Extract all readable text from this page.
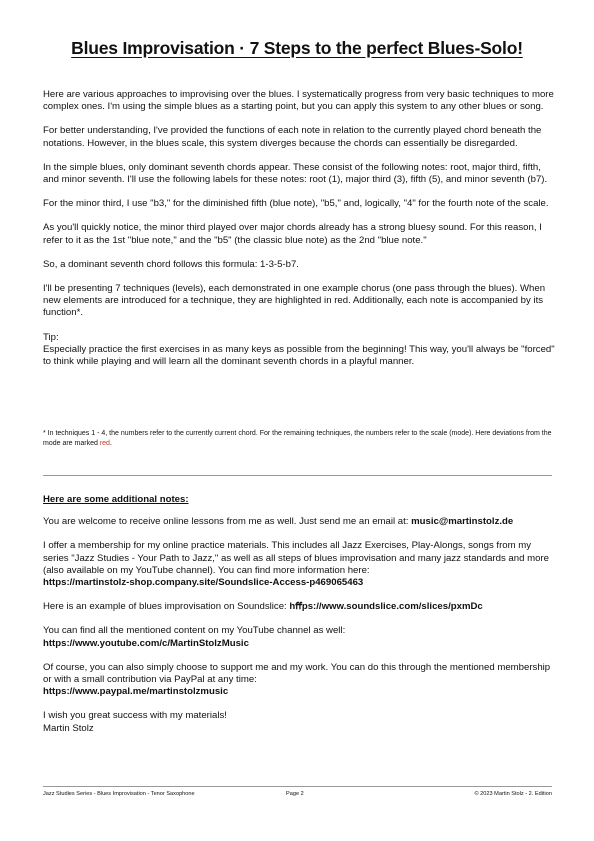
Blues Improvisation · 7 Steps to the perfect Blues-Solo!

Here are various approaches to improvising over the blues. I systematically progress from very basic techniques to more complex ones. I'm using the simple blues as a starting point, but you can apply this system to any other blues or song.

For better understanding, I've provided the functions of each note in relation to the currently played chord beneath the notations. However, in the blues scale, this system diverges because the chords can essentially be disregarded.

In the simple blues, only dominant seventh chords appear. These consist of the following notes: root, major third, fifth, and minor seventh. I'll use the following labels for these notes: root (1), major third (3), fifth (5), and minor seventh (b7).

For the minor third, I use "b3," for the diminished fifth (blue note), "b5," and, logically, "4" for the fourth note of the scale.

As you'll quickly notice, the minor third played over major chords already has a strong bluesy sound. For this reason, I refer to it as the 1st "blue note," and the "b5" (the classic blue note) as the 2nd "blue note."

So, a dominant seventh chord follows this formula: 1-3-5-b7.

I'll be presenting 7 techniques (levels), each demonstrated in one example chorus (one pass through the blues). When new elements are introduced for a technique, they are highlighted in red. Additionally, each note is accompanied by its function*.

Tip:

Especially practice the first exercises in as many keys as possible from the beginning! This way, you'll always be "forced" to think while playing and will learn all the dominant seventh chords in a playful manner.

* In techniques 1 - 4, the numbers refer to the currently current chord. For the remaining techniques, the numbers refer to the scale (mode). Here deviations from the mode are marked red.
Here are some additional notes:

You are welcome to receive online lessons from me as well. Just send me an email at: music@martinstolz.de

I offer a membership for my online practice materials. This includes all Jazz Exercises, Play-Alongs, songs from my series "Jazz Studies - Your Path to Jazz," as well as all steps of blues improvisation and many jazz standards and more (also available on my YouTube channel). You can find more information here:
https://martinstolz-shop.company.site/Soundslice-Access-p469065463

Here is an example of blues improvisation on Soundslice: hﬀps://www.soundslice.com/slices/pxmDc

You can find all the mentioned content on my YouTube channel as well:
https://www.youtube.com/c/MartinStolzMusic

Of course, you can also simply choose to support me and my work. You can do this through the mentioned membership or with a small contribution via PayPal at any time:
https://www.paypal.me/martinstolzmusic

I wish you great success with my materials!
Martin Stolz

Jazz Studies Series - Blues Improvisation - Tenor Saxophone	Page 2	© 2023 Martin Stolz - 2. Edition
